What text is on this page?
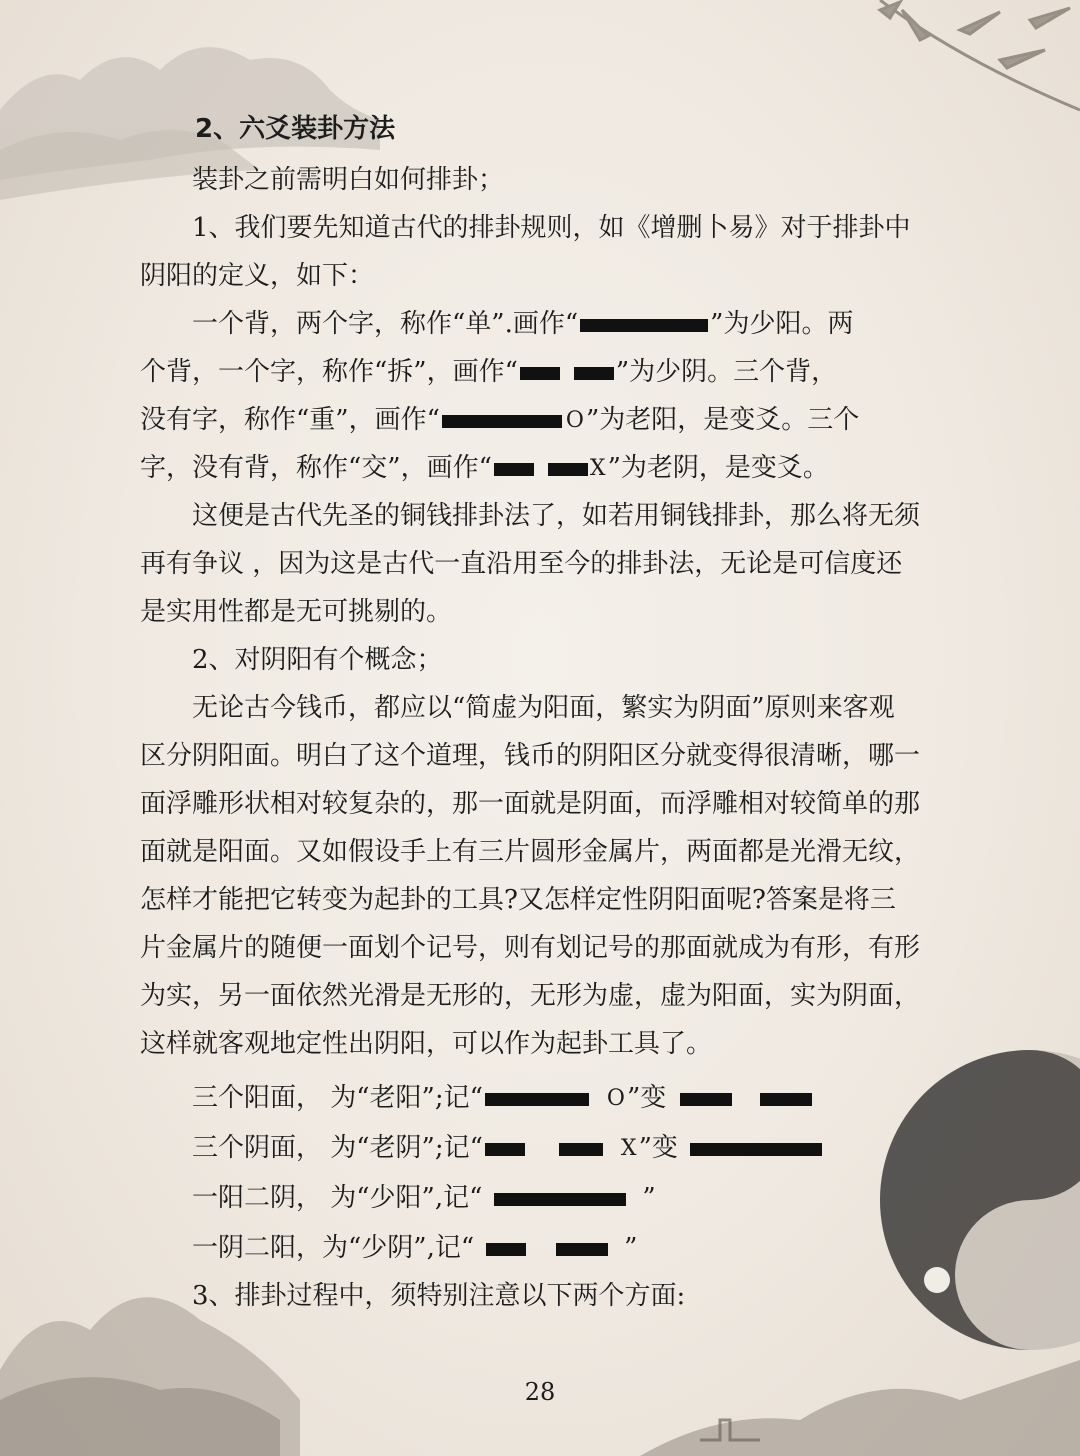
2、六爻装卦方法
装卦之前需明白如何排卦；
1、我们要先知道古代的排卦规则，如《增删卜易》对于排卦中
阴阳的定义，如下：
一个背，两个字，称作“单”.画作“	”为少阳。两
个背，一个字，称作“拆”，画作“	”为少阴。三个背，
没有字，称作“重”，画作“	O ”为老阳，是变爻。三个
字，没有背，称作“交”，画作“	X ”为老阴，是变爻。
这便是古代先圣的铜钱排卦法了，如若用铜钱排卦，那么将无须
再有争议 ，因为这是古代一直沿用至今的排卦法，无论是可信度还
是实用性都是无可挑剔的。
2、对阴阳有个概念；
无论古今钱币，都应以“简虚为阳面，繁实为阴面”原则来客观
区分阴阳面。明白了这个道理，钱币的阴阳区分就变得很清晰，哪一
面浮雕形状相对较复杂的，那一面就是阴面，而浮雕相对较简单的那
面就是阳面。又如假设手上有三片圆形金属片，两面都是光滑无纹，
怎样才能把它转变为起卦的工具?又怎样定性阴阳面呢?答案是将三
片金属片的随便一面划个记号，则有划记号的那面就成为有形，有形
为实，另一面依然光滑是无形的，无形为虚，虚为阳面，实为阴面，
这样就客观地定性出阴阳，可以作为起卦工具了。
三个阳面， 为“老阳”;记“	O ”变
三个阴面， 为“老阴”;记“	X ”变
一阳二阴， 为“少阳”,记“	”
一阴二阳，为“少阴”,记“	”
3、排卦过程中，须特别注意以下两个方面:
28
